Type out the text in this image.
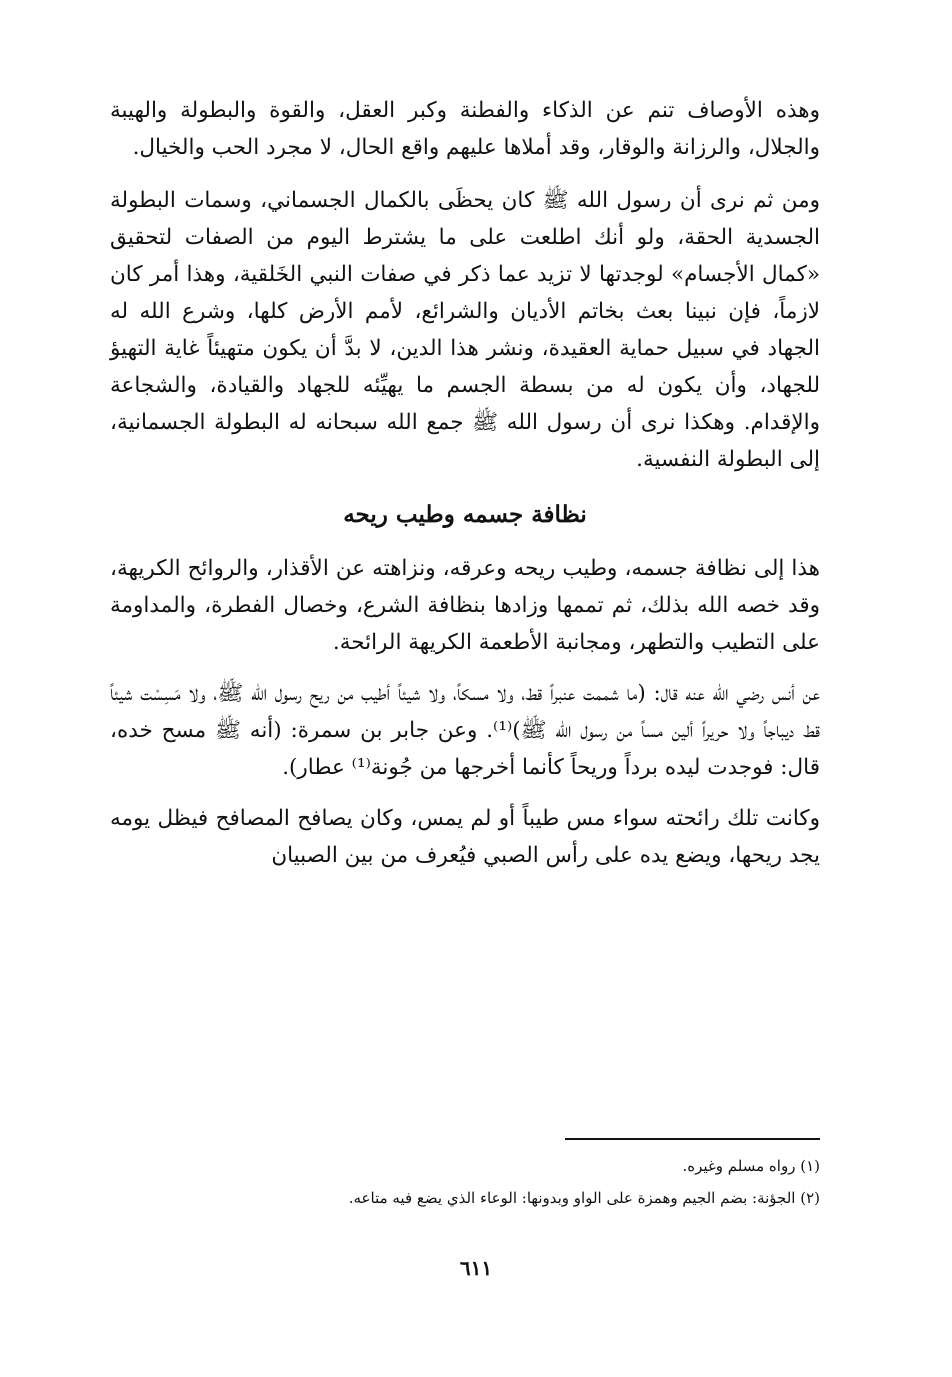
وهذه الأوصاف تنم عن الذكاء والفطنة وكبر العقل، والقوة والبطولة والهيبة والجلال، والرزانة والوقار، وقد أملاها عليهم واقع الحال، لا مجرد الحب والخيال.

ومن ثم نرى أن رسول الله ﷺ كان يحظَى بالكمال الجسماني، وسمات البطولة الجسدية الحقة، ولو أنك اطلعت على ما يشترط اليوم من الصفات لتحقيق «كمال الأجسام» لوجدتها لا تزيد عما ذكر في صفات النبي الخَلقية، وهذا أمر كان لازماً، فإن نبينا بعث بخاتم الأديان والشرائع، لأمم الأرض كلها، وشرع الله له الجهاد في سبيل حماية العقيدة، ونشر هذا الدين، لا بدَّ أن يكون متهيئاً غاية التهيؤ للجهاد، وأن يكون له من بسطة الجسم ما يهيِّئه للجهاد والقيادة، والشجاعة والإقدام. وهكذا نرى أن رسول الله ﷺ جمع الله سبحانه له البطولة الجسمانية، إلى البطولة النفسية.

نظافة جسمه وطيب ريحه

هذا إلى نظافة جسمه، وطيب ريحه وعرقه، ونزاهته عن الأقذار، والروائح الكريهة، وقد خصه الله بذلك، ثم تممها وزادها بنظافة الشرع، وخصال الفطرة، والمداومة على التطيب والتطهر، ومجانبة الأطعمة الكريهة الرائحة.

عن أنس رضي الله عنه قال: (ما شممت عنبراً قط، ولا مسكاً، ولا شيئاً أطيب من ريح رسول الله ﷺ، ولا مَسِسْت شيئاً قط ديباجاً ولا حريراً ألين مساً من رسول الله ﷺ)⁽¹⁾. وعن جابر بن سمرة: (أنه ﷺ مسح خده، قال: فوجدت ليده برداً وريحاً كأنما أخرجها من جُونة⁽¹⁾ عطار).

وكانت تلك رائحته سواء مس طيباً أو لم يمس، وكان يصافح المصافح فيظل يومه يجد ريحها، ويضع يده على رأس الصبي فيُعرف من بين الصبيان

(١) رواه مسلم وغيره.
(٢) الجؤنة: بضم الجيم وهمزة على الواو وبدونها: الوعاء الذي يضع فيه متاعه.
٦١١
